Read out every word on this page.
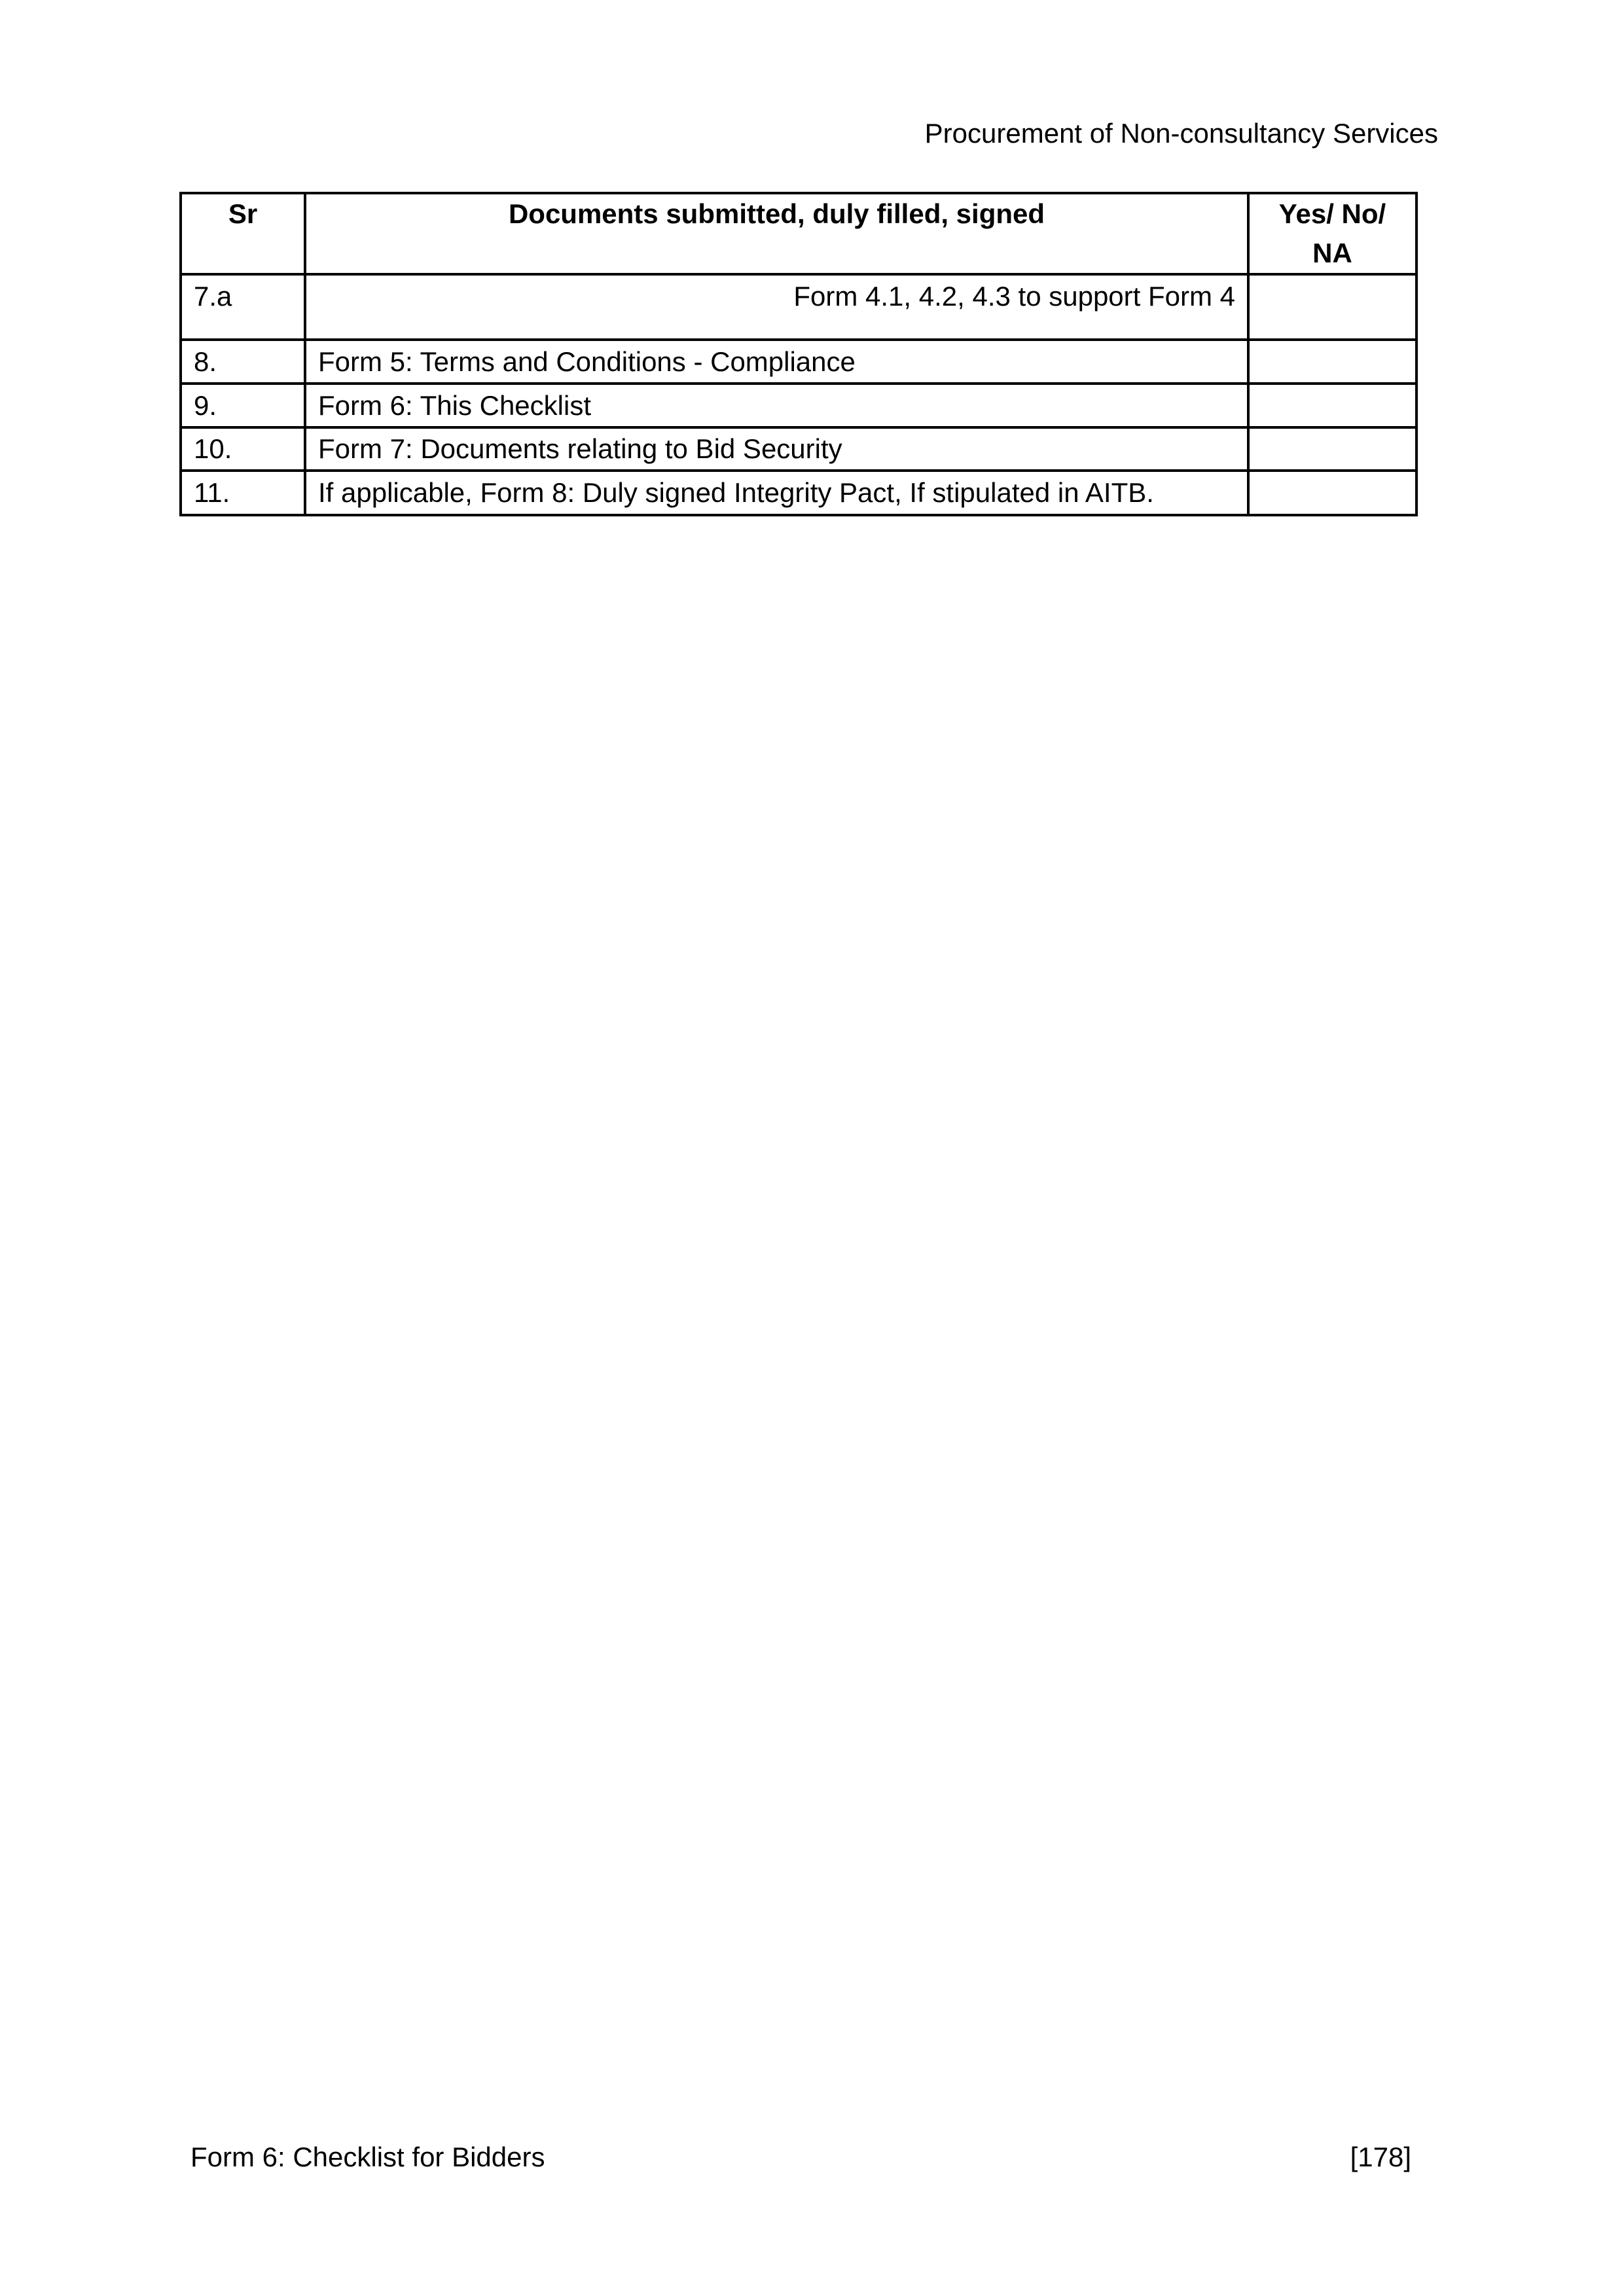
Procurement of Non-consultancy Services
Sr	Documents submitted, duly filled, signed	Yes/ No/ NA
7.a	Form 4.1, 4.2, 4.3 to support Form 4	
8.	Form 5: Terms and Conditions - Compliance	
9.	Form 6: This Checklist	
10.	Form 7: Documents relating to Bid Security	
11.	If applicable, Form 8: Duly signed Integrity Pact, If stipulated in AITB.	
Form 6: Checklist for Bidders	[178]
